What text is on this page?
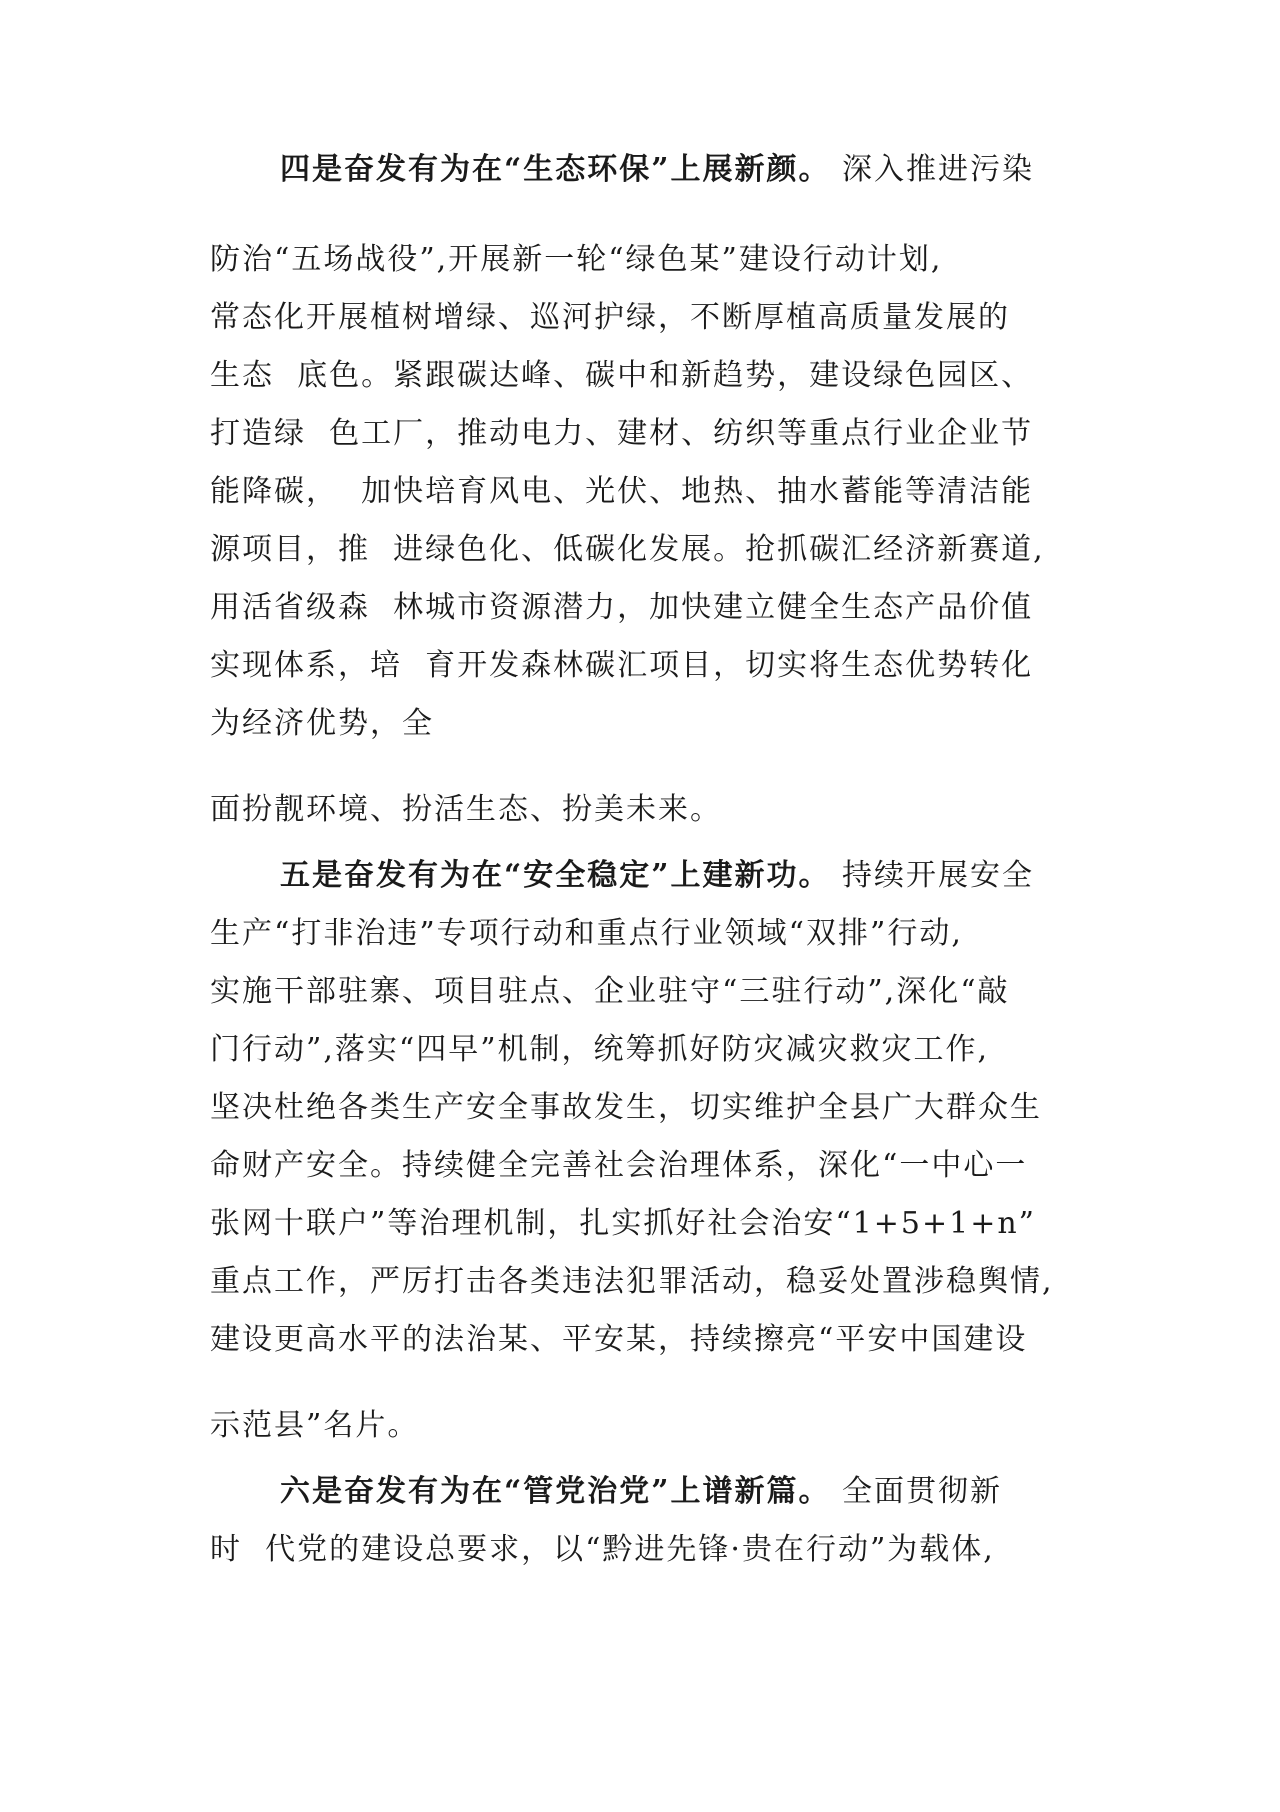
四是奋发有为在“生态环保”上展新颜。 深入推进污染
防治“五场战役”,开展新一轮“绿色某”建设行动计划,
常态化开展植树增绿、巡河护绿，不断厚植高质量发展的
生态  底色。紧跟碳达峰、碳中和新趋势，建设绿色园区、
打造绿  色工厂，推动电力、建材、纺织等重点行业企业节
能降碳，  加快培育风电、光伏、地热、抽水蓄能等清洁能
源项目，推  进绿色化、低碳化发展。抢抓碳汇经济新赛道,
用活省级森  林城市资源潜力，加快建立健全生态产品价值
实现体系，培  育开发森林碳汇项目，切实将生态优势转化
为经济优势，全
面扮靓环境、扮活生态、扮美未来。
五是奋发有为在“安全稳定”上建新功。 持续开展安全
生产“打非治违”专项行动和重点行业领域“双排”行动,
实施干部驻寨、项目驻点、企业驻守“三驻行动”,深化“敲
门行动”,落实“四早”机制，统筹抓好防灾减灾救灾工作,
坚决杜绝各类生产安全事故发生，切实维护全县广大群众生
命财产安全。持续健全完善社会治理体系，深化“一中心一
张网十联户”等治理机制，扎实抓好社会治安“1+5+1+n”
重点工作，严厉打击各类违法犯罪活动，稳妥处置涉稳舆情,
建设更高水平的法治某、平安某，持续擦亮“平安中国建设
示范县”名片。
六是奋发有为在“管党治党”上谱新篇。 全面贯彻新
时  代党的建设总要求，以“黔进先锋·贵在行动”为载体,
